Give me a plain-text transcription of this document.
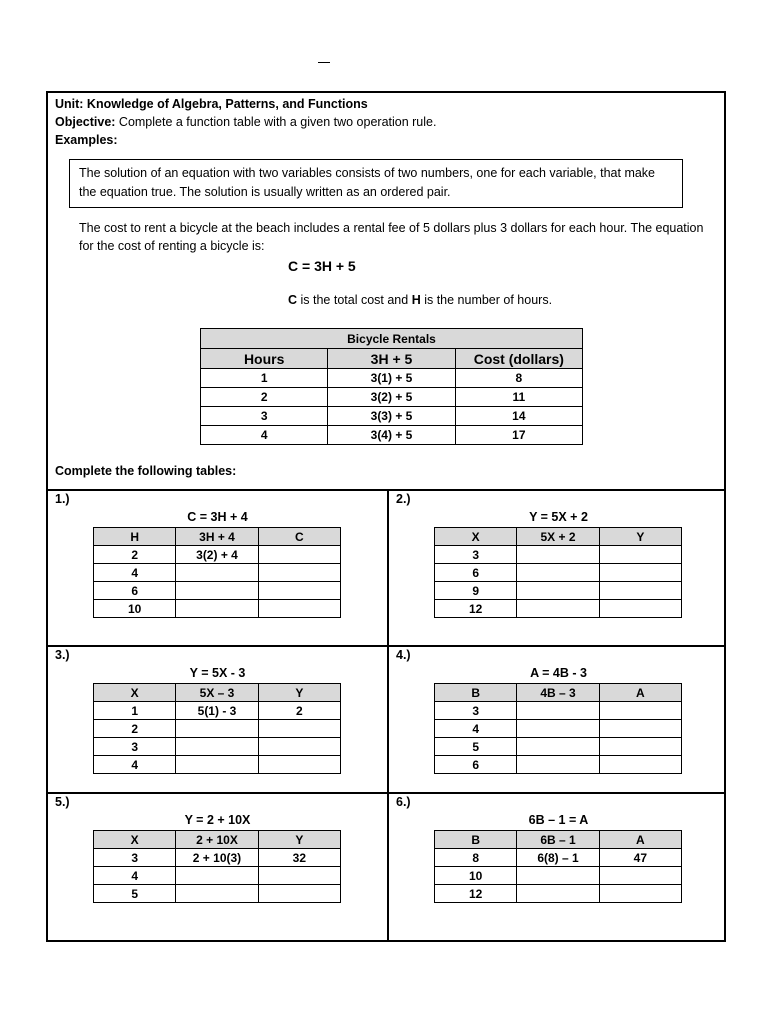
Unit: Knowledge of Algebra, Patterns, and Functions
Objective: Complete a function table with a given two operation rule.
Examples:
The solution of an equation with two variables consists of two numbers, one for each variable, that make the equation true. The solution is usually written as an ordered pair.
The cost to rent a bicycle at the beach includes a rental fee of 5 dollars plus 3 dollars for each hour. The equation for the cost of renting a bicycle is:
C = 3H + 5
C is the total cost and H is the number of hours.
Bicycle Rentals		
Hours	3H + 5	Cost (dollars)
1	3(1) + 5	8
2	3(2) + 5	11
3	3(3) + 5	14
4	3(4) + 5	17
Complete the following tables:
1.)
C = 3H + 4
H	3H + 4	C
2	3(2) + 4	
4		
6		
10		
2.)
Y = 5X + 2
X	5X + 2	Y
3		
6		
9		
12		
3.)
Y = 5X - 3
X	5X – 3	Y
1	5(1) - 3	2
2		
3		
4		
4.)
A = 4B - 3
B	4B – 3	A
3		
4		
5		
6		
5.)
Y = 2 + 10X
X	2 + 10X	Y
3	2 + 10(3)	32
4		
5		
6.)
6B – 1 = A
B	6B – 1	A
8	6(8) – 1	47
10		
12		
